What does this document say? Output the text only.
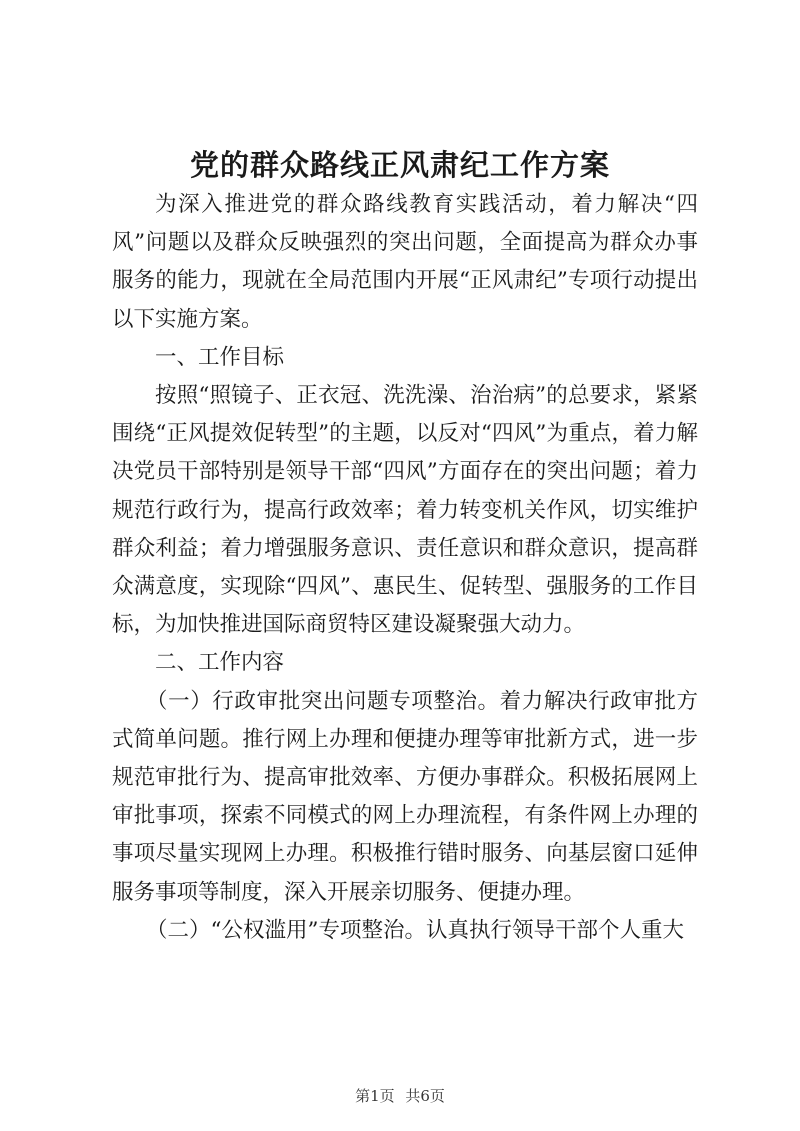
党的群众路线正风肃纪工作方案

为深入推进党的群众路线教育实践活动，着力解决“四风”问题以及群众反映强烈的突出问题，全面提高为群众办事服务的能力，现就在全局范围内开展“正风肃纪”专项行动提出以下实施方案。

一、工作目标

按照“照镜子、正衣冠、洗洗澡、治治病”的总要求，紧紧围绕“正风提效促转型”的主题，以反对“四风”为重点，着力解决党员干部特别是领导干部“四风”方面存在的突出问题；着力规范行政行为，提高行政效率；着力转变机关作风，切实维护群众利益；着力增强服务意识、责任意识和群众意识，提高群众满意度，实现除“四风”、惠民生、促转型、强服务的工作目标，为加快推进国际商贸特区建设凝聚强大动力。

二、工作内容

（一）行政审批突出问题专项整治。着力解决行政审批方式简单问题。推行网上办理和便捷办理等审批新方式，进一步规范审批行为、提高审批效率、方便办事群众。积极拓展网上审批事项，探索不同模式的网上办理流程，有条件网上办理的事项尽量实现网上办理。积极推行错时服务、向基层窗口延伸服务事项等制度，深入开展亲切服务、便捷办理。

（二）“公权滥用”专项整治。认真执行领导干部个人重大

第1页 共6页
